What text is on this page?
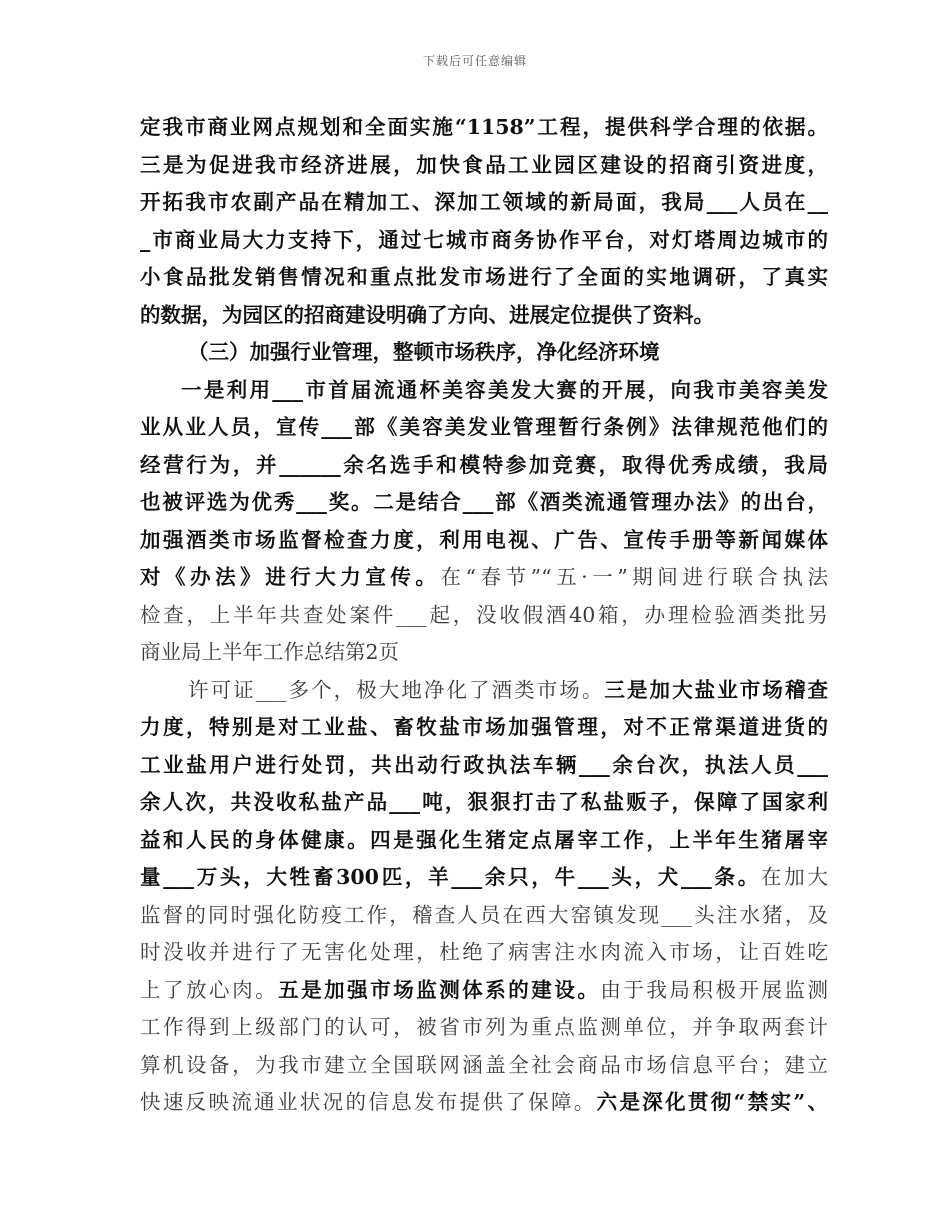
下载后可任意编辑
定我市商业网点规划和全面实施“1158”工程，提供科学合理的依据。
三是为促进我市经济进展，加快食品工业园区建设的招商引资进度，
开拓我市农副产品在精加工、深加工领域的新局面，我局___人员在__
_市商业局大力支持下，通过七城市商务协作平台，对灯塔周边城市的
小食品批发销售情况和重点批发市场进行了全面的实地调研，了真实
的数据，为园区的招商建设明确了方向、进展定位提供了资料。
（三）加强行业管理，整顿市场秩序，净化经济环境
一是利用___市首届流通杯美容美发大赛的开展，向我市美容美发
业从业人员，宣传___部《美容美发业管理暂行条例》法律规范他们的
经营行为，并______余名选手和模特参加竞赛，取得优秀成绩，我局
也被评选为优秀___奖。二是结合___部《酒类流通管理办法》的出台，
加强酒类市场监督检查力度，利用电视、广告、宣传手册等新闻媒体
对《办法》进行大力宣传。在“春节”“五·一”期间进行联合执法
检查，上半年共查处案件___起，没收假酒40箱，办理检验酒类批另
商业局上半年工作总结第2页
许可证___多个，极大地净化了酒类市场。三是加大盐业市场稽查
力度，特别是对工业盐、畜牧盐市场加强管理，对不正常渠道进货的
工业盐用户进行处罚，共出动行政执法车辆___余台次，执法人员___
余人次，共没收私盐产品___吨，狠狠打击了私盐贩子，保障了国家利
益和人民的身体健康。四是强化生猪定点屠宰工作，上半年生猪屠宰
量___万头，大牲畜300匹，羊___余只，牛___头，犬___条。在加大
监督的同时强化防疫工作，稽查人员在西大窑镇发现___头注水猪，及
时没收并进行了无害化处理，杜绝了病害注水肉流入市场，让百姓吃
上了放心肉。五是加强市场监测体系的建设。由于我局积极开展监测
工作得到上级部门的认可，被省市列为重点监测单位，并争取两套计
算机设备，为我市建立全国联网涵盖全社会商品市场信息平台；建立
快速反映流通业状况的信息发布提供了保障。六是深化贯彻“禁实”、
